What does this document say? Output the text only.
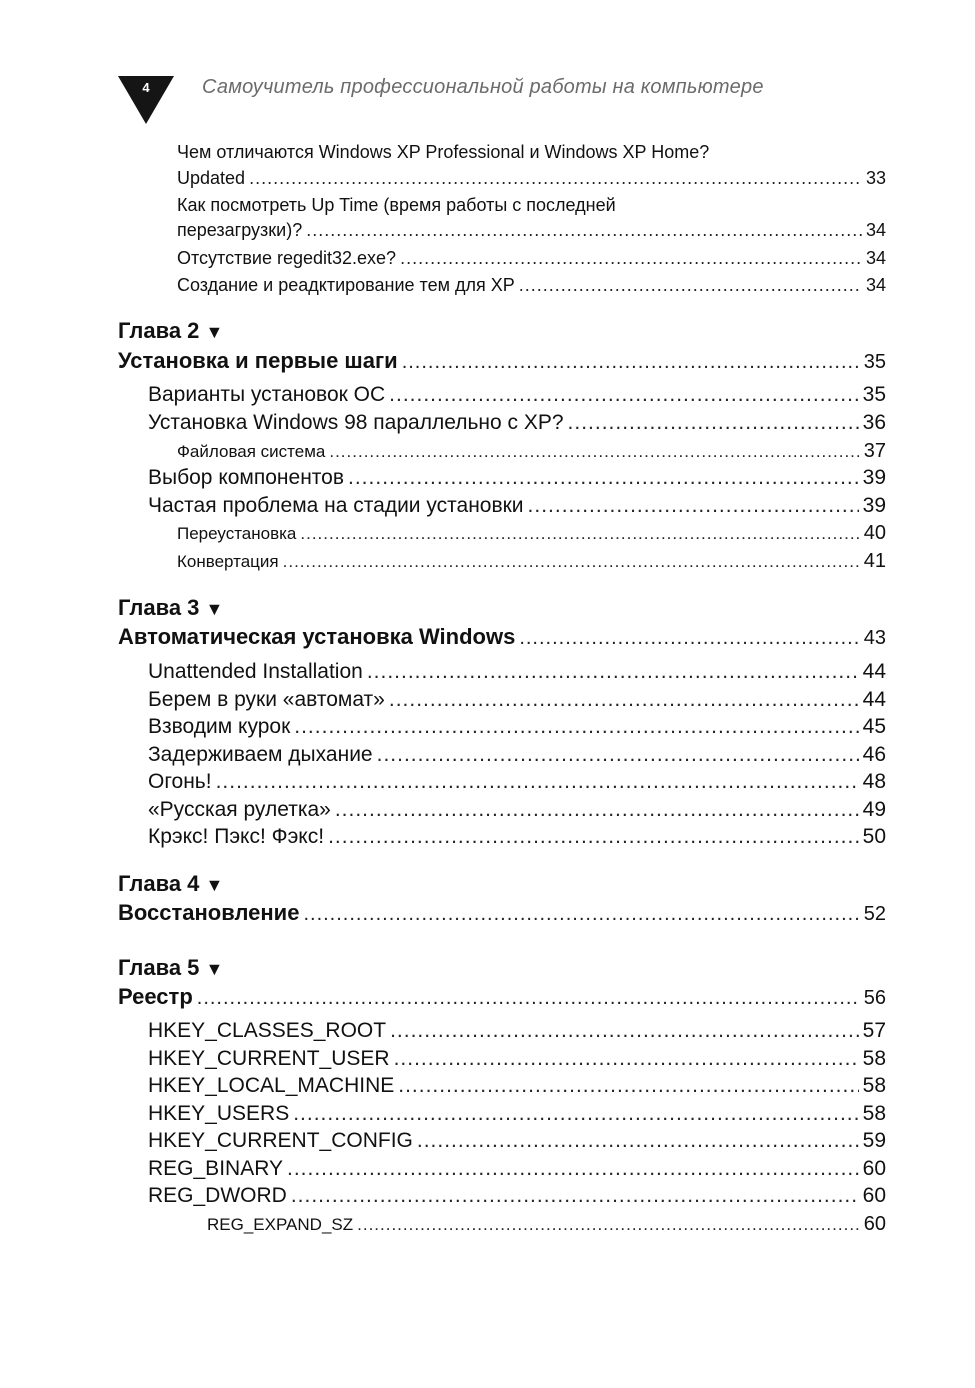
4	Самоучитель профессиональной работы на компьютере
Чем отличаются Windows XP Professional и Windows XP Home?
Updated .....	33
Как посмотреть Up Time (время работы с последней
перезагрузки)? .....	34
Отсутствие regedit32.exe? .....	34
Создание и реадктирование тем для XP .....	34
Глава 2 ▼
Установка и первые шаги .....	35
Варианты установок ОС .....	35
Установка Windows 98 параллельно с XP? .....	36
Файловая система .....	37
Выбор компонентов .....	39
Частая проблема на стадии установки .....	39
Переустановка .....	40
Конвертация .....	41
Глава 3 ▼
Автоматическая установка Windows .....	43
Unattended Installation .....	44
Берем в руки «автомат» .....	44
Взводим курок .....	45
Задерживаем дыхание .....	46
Огонь! .....	48
«Русская рулетка» .....	49
Крэкс! Пэкс! Фэкс! .....	50
Глава 4 ▼
Восстановление .....	52
Глава 5 ▼
Реестр .....	56
HKEY_CLASSES_ROOT .....	57
HKEY_CURRENT_USER .....	58
HKEY_LOCAL_MACHINE .....	58
HKEY_USERS .....	58
HKEY_CURRENT_CONFIG .....	59
REG_BINARY .....	60
REG_DWORD .....	60
REG_EXPAND_SZ .....	60
